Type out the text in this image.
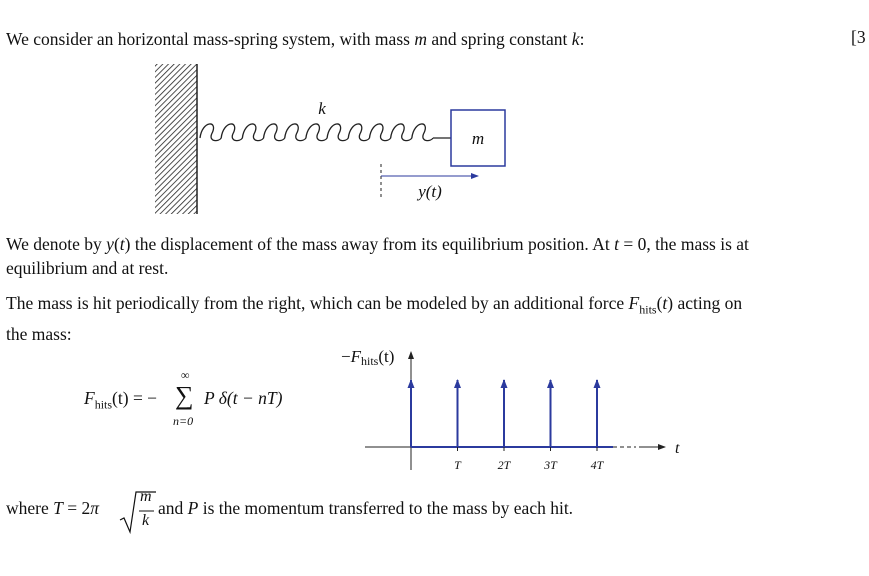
We consider an horizontal mass-spring system, with mass m and spring constant k:	[3
m
k
y(t)
−Fhits(t)
t
T	2T	3T	4T

We denote by y(t) the displacement of the mass away from its equilibrium position. At t = 0, the mass is at
equilibrium and at rest.

The mass is hit periodically from the right, which can be modeled by an additional force $F_{hits}(t)$ acting on
the mass:

$F_{hits}(t)$ = −
∞
∑
n=0
P δ(t − nT)
where T = 2π
m
k
and P is the momentum transferred to the mass by each hit.
